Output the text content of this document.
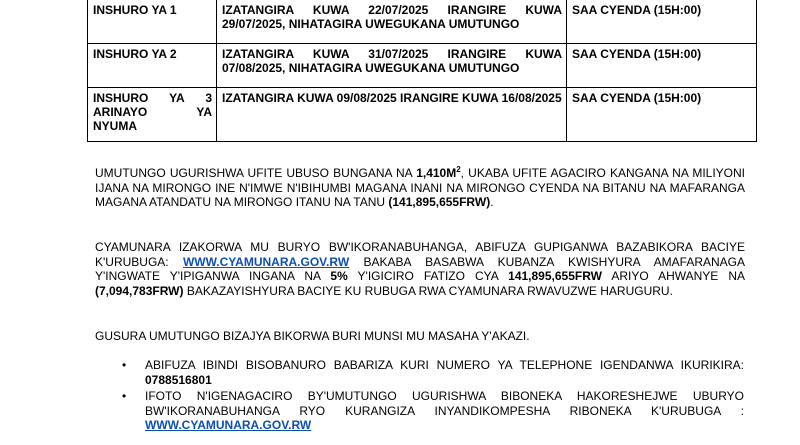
INSHURO YA 1	IZATANGIRA KUWA 22/07/2025 IRANGIRE KUWA 29/07/2025, NIHATAGIRA UWEGUKANA UMUTUNGO	SAA CYENDA (15H:00)
INSHURO YA 2	IZATANGIRA KUWA 31/07/2025 IRANGIRE KUWA 07/08/2025, NIHATAGIRA UWEGUKANA UMUTUNGO	SAA CYENDA (15H:00)
INSHURO YA 3 ARINAYO YA NYUMA	IZATANGIRA KUWA 09/08/2025 IRANGIRE KUWA 16/08/2025	SAA CYENDA (15H:00)

UMUTUNGO UGURISHWA UFITE UBUSO BUNGANA NA $1,410M^2$, UKABA UFITE AGACIRO KANGANA NA MILIYONI IJANA NA MIRONGO INE N'IMWE N'IBIHUMBI MAGANA INANI NA MIRONGO CYENDA NA BITANU NA MAFARANGA MAGANA ATANDATU NA MIRONGO ITANU NA TANU (141,895,655FRW).

CYAMUNARA IZAKORWA MU BURYO BW'IKORANABUHANGA, ABIFUZA GUPIGANWA BAZABIKORA BACIYE K'URUBUGA: WWW.CYAMUNARA.GOV.RW BAKABA BASABWA KUBANZA KWISHYURA AMAFARANAGA Y'INGWATE Y'IPIGANWA INGANA NA 5% Y'IGICIRO FATIZO CYA 141,895,655FRW ARIYO AHWANYE NA (7,094,783FRW) BAKAZAYISHYURA BACIYE KU RUBUGA RWA CYAMUNARA RWAVUZWE HARUGURU.

GUSURA UMUTUNGO BIZAJYA BIKORWA BURI MUNSI MU MASAHA Y'AKAZI.

• ABIFUZA IBINDI BISOBANURO BABARIZA KURI NUMERO YA TELEPHONE IGENDANWA IKURIKIRA: 0788516801
• IFOTO N'IGENAGACIRO BY'UMUTUNGO UGURISHWA BIBONEKA HAKORESHEJWE UBURYO BW'IKORANABUHANGA RYO KURANGIZA INYANDIKOMPESHA RIBONEKA K'URUBUGA : WWW.CYAMUNARA.GOV.RW
